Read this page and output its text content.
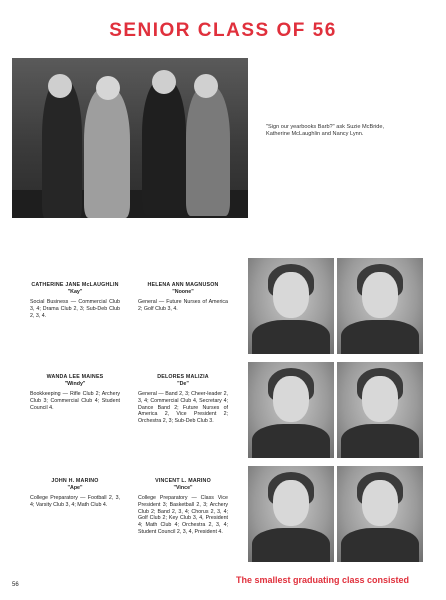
SENIOR CLASS OF 56
"Sign our yearbooks Barb?" ask Suzie McBride, Katherine McLaughlin and Nancy Lynn.
CATHERINE JANE McLAUGHLIN
"Kay"
Social Business — Commercial Club 3, 4; Drama Club 2, 3; Sub-Deb Club 2, 3, 4.
HELENA ANN MAGNUSON
"Noone"
General — Future Nurses of America 2; Golf Club 3, 4.
WANDA LEE MAINES
"Windy"
Bookkeeping — Rifle Club 2; Archery Club 3; Commercial Club 4; Student Council 4.
DELORES MALIZIA
"De"
General — Band 2, 3; Cheer-leader 2, 3, 4; Commercial Club 4, Secretary 4; Dance Band 2; Future Nurses of America 2, Vice President 2; Orchestra 2, 3; Sub-Deb Club 3.
JOHN H. MARINO
"Ape"
College Preparatory — Football 2, 3, 4; Varsity Club 3, 4; Math Club 4.
VINCENT L. MARINO
"Vince"
College Preparatory — Class Vice President 3; Basketball 2, 3; Archery Club 2; Band 2, 3, 4; Chorus 2, 3, 4; Golf Club 2; Key Club 3, 4, President 4; Math Club 4; Orchestra 2, 3, 4; Student Council 2, 3, 4, President 4.
56	The smallest graduating class consisted
